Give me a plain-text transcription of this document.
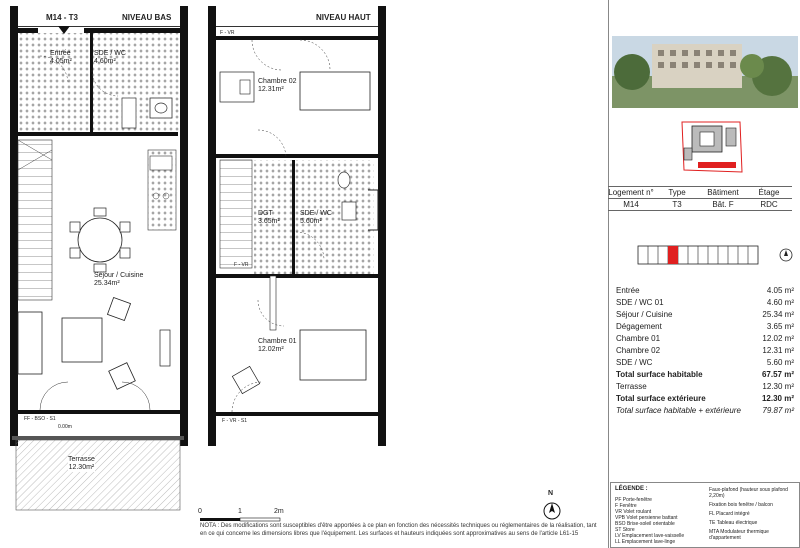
M14 - T3	NIVEAU BAS	NIVEAU HAUT
Entrée
4.05m²
SDE / WC
4.60m²
Séjour / Cuisine
25.34m²
FF - BSO - S1
0.00m
Terrasse
12.30m²
F - VR
Chambre 02
12.31m²
DGT
3.65m²
SDE / WC
5.60m²
F - VR
Chambre 01
12.02m²
F - VR - S1
0	1	2m
N
NOTA : Des modifications sont susceptibles d'être apportées à ce plan en fonction des nécessités techniques ou réglementaires de la réalisation, tant en ce qui concerne les dimensions libres que l'équipement. Les surfaces et hauteurs indiquées sont approximatives au sens de l'article L61-15
Logement n°	Type	Bâtiment	Étage
M14	T3	Bât. F	RDC
Entrée	4.05 m²
SDE / WC 01	4.60 m²
Séjour / Cuisine	25.34 m²
Dégagement	3.65 m²
Chambre 01	12.02 m²
Chambre 02	12.31 m²
SDE / WC	5.60 m²
Total surface habitable	67.57 m²
Terrasse	12.30 m²
Total surface extérieure	12.30 m²
Total surface habitable + extérieure	79.87 m²
LÉGENDE :
PF Porte-fenêtre
F Fenêtre
VR Volet roulant
VPB Volet persienne battant
BSO Brise-soleil orientable
ST Store
LV Emplacement lave-vaisselle
LL Emplacement lave-linge
Faux-plafond (hauteur sous plafond 2,20m)
Fixation bois fenêtre / balcon
FL Placard intégré
TE Tableau électrique
MTA Modulateur thermique d'appartement
